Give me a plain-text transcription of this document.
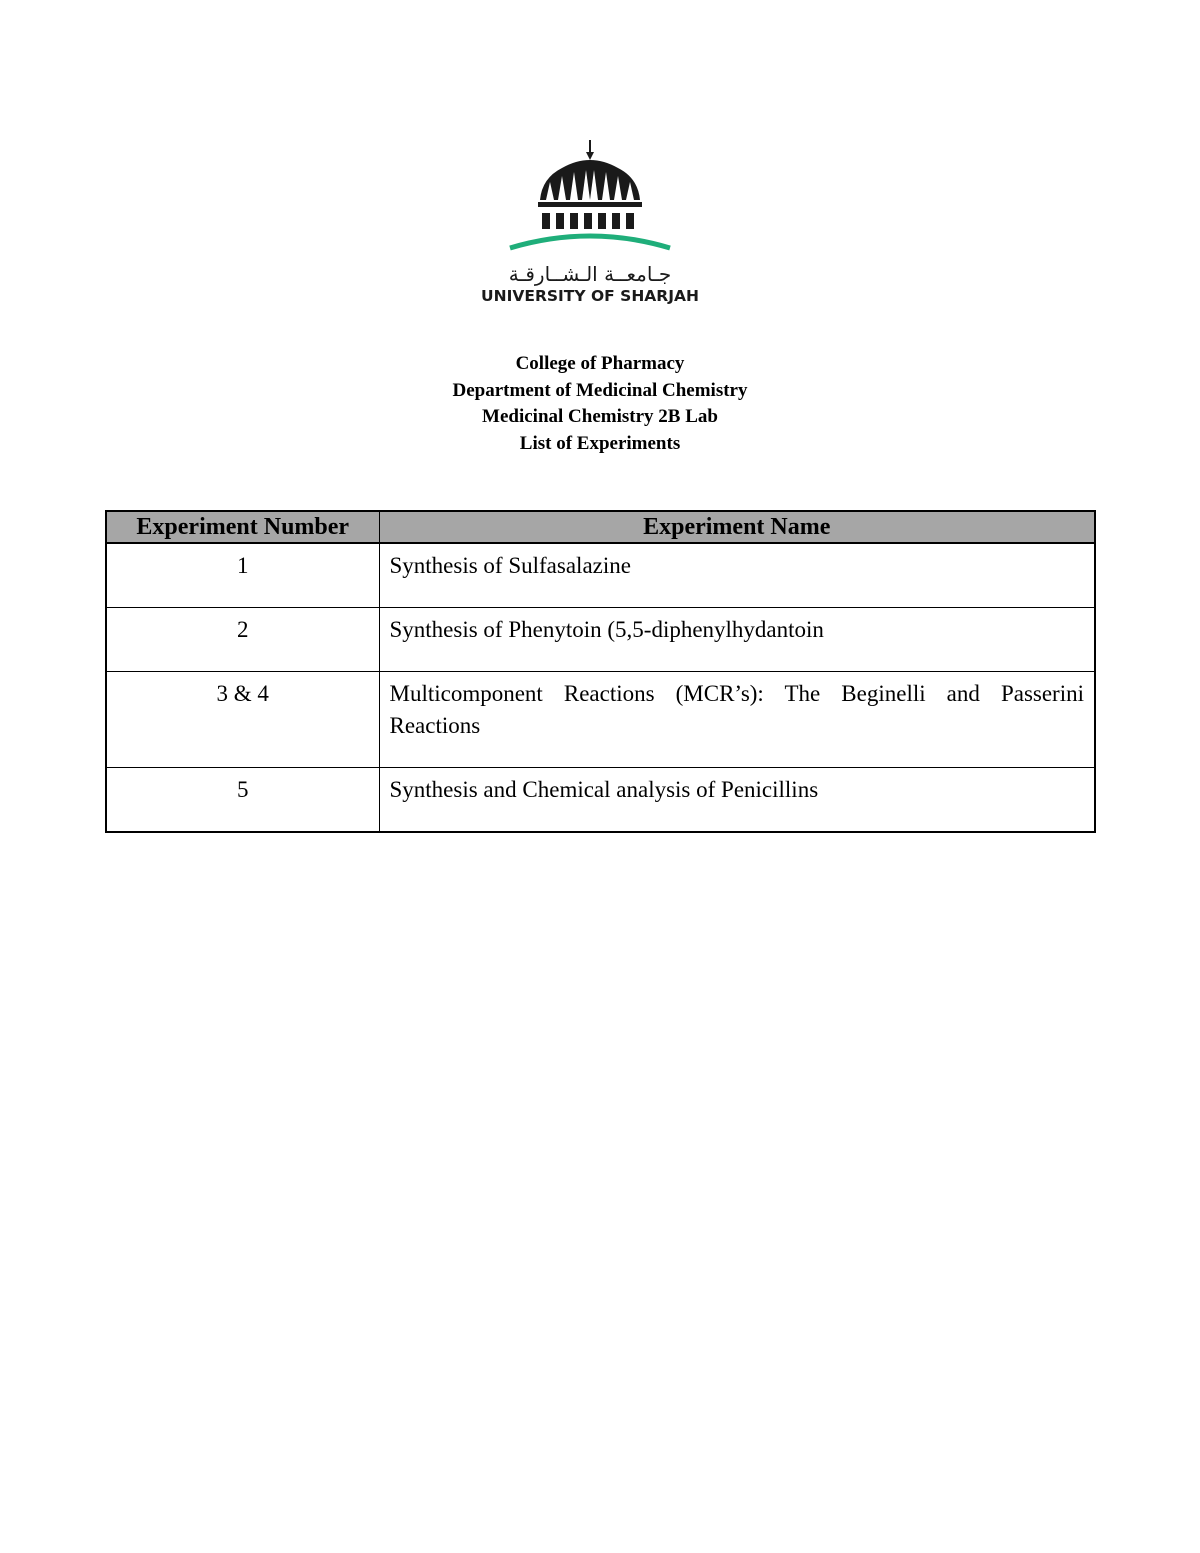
جـامعــة الـشــارقـة
UNIVERSITY OF SHARJAH
College of Pharmacy
Department of Medicinal Chemistry
Medicinal Chemistry 2B Lab
List of Experiments
Experiment Number	Experiment Name
1	Synthesis of Sulfasalazine
2	Synthesis of Phenytoin (5,5-diphenylhydantoin
3 & 4	Multicomponent Reactions (MCR’s): The Beginelli and Passerini Reactions
5	Synthesis and Chemical analysis of Penicillins
